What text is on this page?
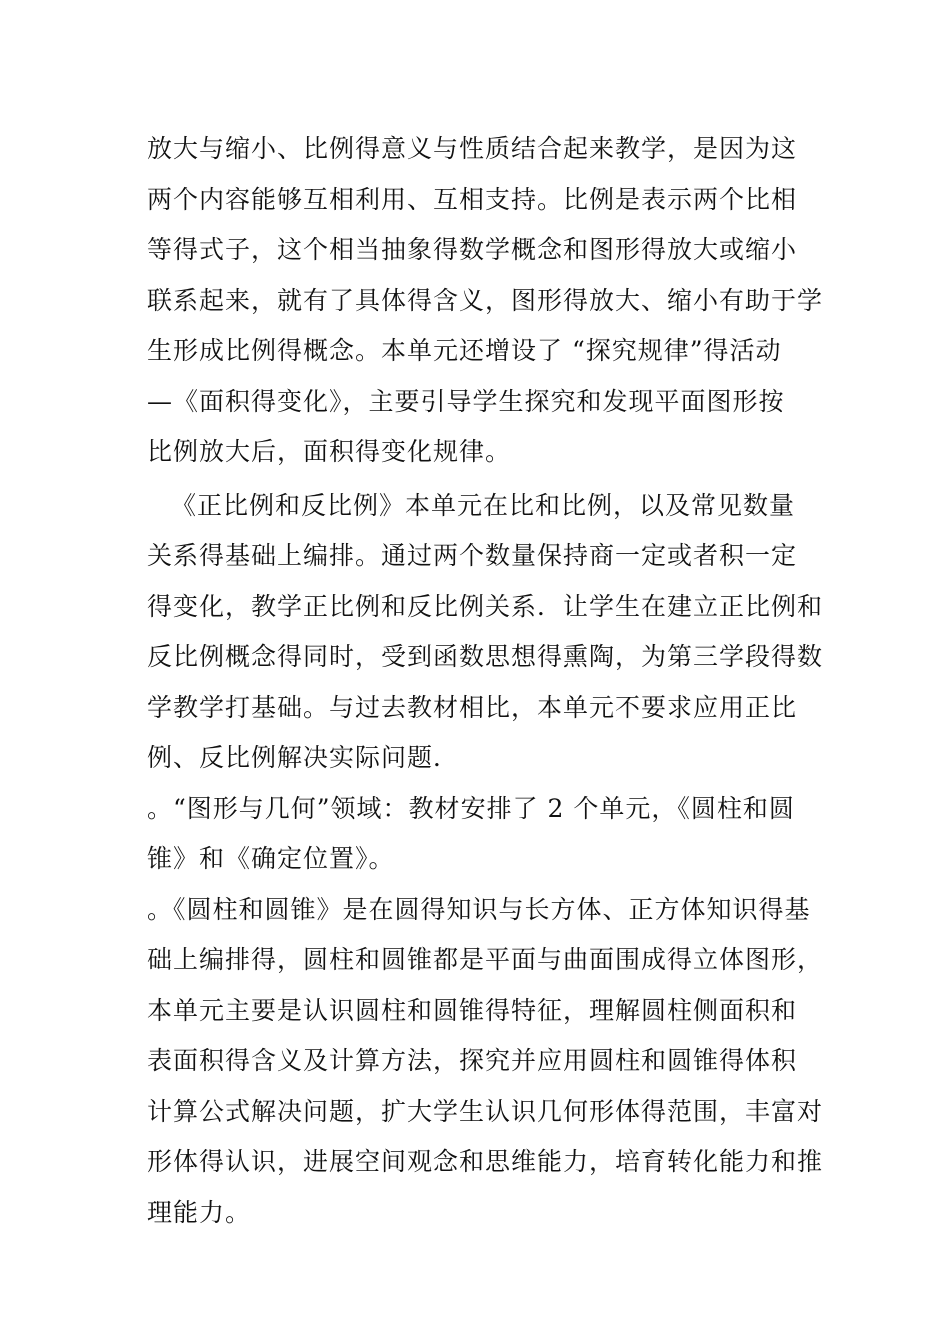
放大与缩小、比例得意义与性质结合起来教学，是因为这
两个内容能够互相利用、互相支持。比例是表示两个比相
等得式子，这个相当抽象得数学概念和图形得放大或缩小
联系起来，就有了具体得含义，图形得放大、缩小有助于学
生形成比例得概念。本单元还增设了 “探究规律”得活动
—《面积得变化》，主要引导学生探究和发现平面图形按
比例放大后，面积得变化规律。
《正比例和反比例》本单元在比和比例，以及常见数量
关系得基础上编排。通过两个数量保持商一定或者积一定
得变化，教学正比例和反比例关系．让学生在建立正比例和
反比例概念得同时，受到函数思想得熏陶，为第三学段得数
学教学打基础。与过去教材相比，本单元不要求应用正比
例、反比例解决实际问题．
。“图形与几何”领域：教材安排了 2 个单元，《圆柱和圆
锥》和《确定位置》。
。《圆柱和圆锥》是在圆得知识与长方体、正方体知识得基
础上编排得，圆柱和圆锥都是平面与曲面围成得立体图形，
本单元主要是认识圆柱和圆锥得特征，理解圆柱侧面积和
表面积得含义及计算方法，探究并应用圆柱和圆锥得体积
计算公式解决问题，扩大学生认识几何形体得范围，丰富对
形体得认识，进展空间观念和思维能力，培育转化能力和推
理能力。
